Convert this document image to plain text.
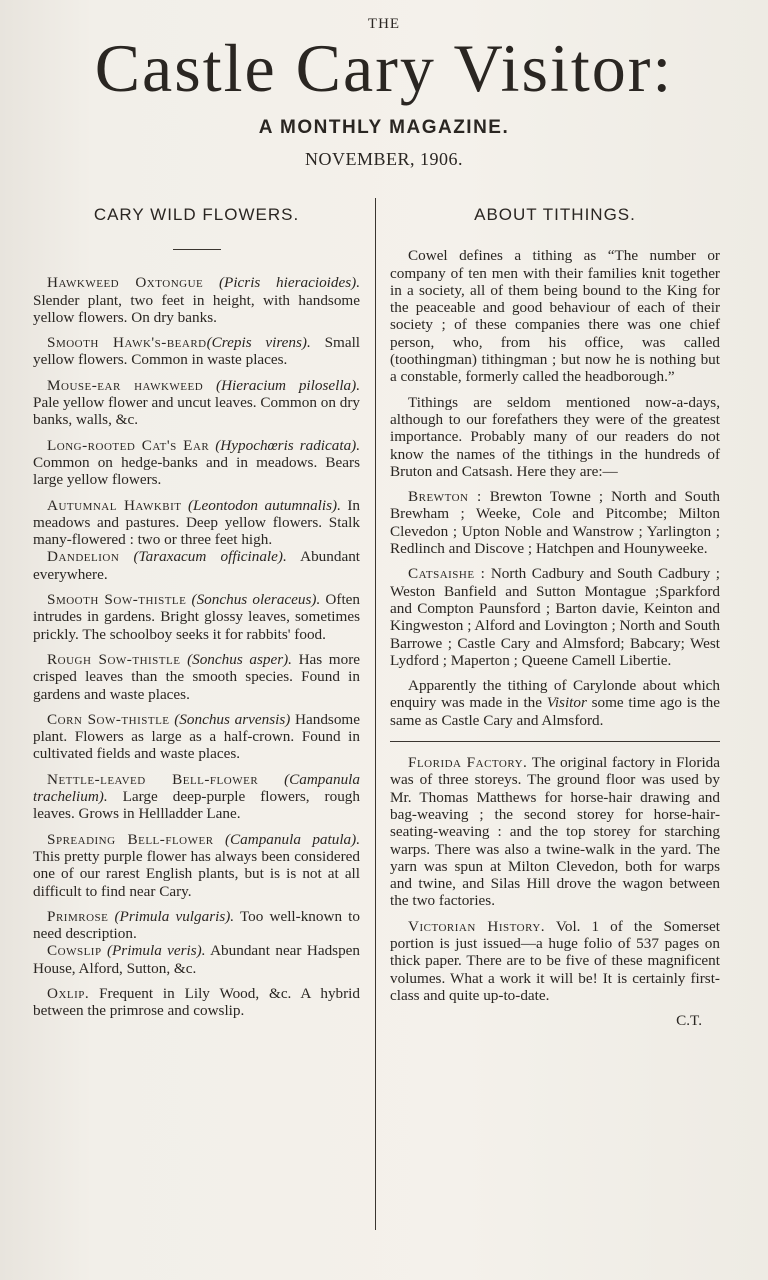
THE
Castle Cary Visitor:
A MONTHLY MAGAZINE.
NOVEMBER, 1906.
CARY WILD FLOWERS.

Hawkweed Oxtongue (Picris hieracioides). Slender plant, two feet in height, with handsome yellow flowers. On dry banks.

Smooth Hawk's-beard(Crepis virens). Small yellow flowers. Common in waste places.

Mouse-ear hawkweed (Hieracium pilosella). Pale yellow flower and uncut leaves. Common on dry banks, walls, &c.

Long-rooted Cat's Ear (Hypochœris radicata). Common on hedge-banks and in meadows. Bears large yellow flowers.

Autumnal Hawkbit (Leontodon autumnalis). In meadows and pastures. Deep yellow flowers. Stalk many-flowered : two or three feet high.

Dandelion (Taraxacum officinale). Abundant everywhere.

Smooth Sow-thistle (Sonchus oleraceus). Often intrudes in gardens. Bright glossy leaves, sometimes prickly. The schoolboy seeks it for rabbits' food.

Rough Sow-thistle (Sonchus asper). Has more crisped leaves than the smooth species. Found in gardens and waste places.

Corn Sow-thistle (Sonchus arvensis) Handsome plant. Flowers as large as a half-crown. Found in cultivated fields and waste places.

Nettle-leaved Bell-flower (Campanula trachelium). Large deep-purple flowers, rough leaves. Grows in Hellladder Lane.

Spreading Bell-flower (Campanula patula). This pretty purple flower has always been considered one of our rarest English plants, but is is not at all difficult to find near Cary.

Primrose (Primula vulgaris). Too well-known to need description.

Cowslip (Primula veris). Abundant near Hadspen House, Alford, Sutton, &c.

Oxlip. Frequent in Lily Wood, &c. A hybrid between the primrose and cowslip.

ABOUT TITHINGS.

Cowel defines a tithing as “The number or company of ten men with their families knit together in a society, all of them being bound to the King for the peaceable and good behaviour of each of their society ; of these companies there was one chief person, who, from his office, was called (toothingman) tithingman ; but now he is nothing but a constable, formerly called the headborough.”

Tithings are seldom mentioned now-a-days, although to our forefathers they were of the greatest importance. Probably many of our readers do not know the names of the tithings in the hundreds of Bruton and Catsash. Here they are:—

Brewton : Brewton Towne ; North and South Brewham ; Weeke, Cole and Pitcombe; Milton Clevedon ; Upton Noble and Wanstrow ; Yarlington ; Redlinch and Discove ; Hatchpen and Hounyweeke.

Catsaishe : North Cadbury and South Cadbury ; Weston Banfield and Sutton Montague ;Sparkford and Compton Paunsford ; Barton davie, Keinton and Kingweston ; Alford and Lovington ; North and South Barrowe ; Castle Cary and Almsford; Babcary; West Lydford ; Maperton ; Queene Camell Libertie.

Apparently the tithing of Carylonde about which enquiry was made in the Visitor some time ago is the same as Castle Cary and Almsford.

Florida Factory. The original factory in Florida was of three storeys. The ground floor was used by Mr. Thomas Matthews for horse-hair drawing and bag-weaving ; the second storey for horse-hair-seating-weaving : and the top storey for starching warps. There was also a twine-walk in the yard. The yarn was spun at Milton Clevedon, both for warps and twine, and Silas Hill drove the wagon between the two factories.

Victorian History. Vol. 1 of the Somerset portion is just issued—a huge folio of 537 pages on thick paper. There are to be five of these magnificent volumes. What a work it will be! It is certainly first-class and quite up-to-date.

C.T.
